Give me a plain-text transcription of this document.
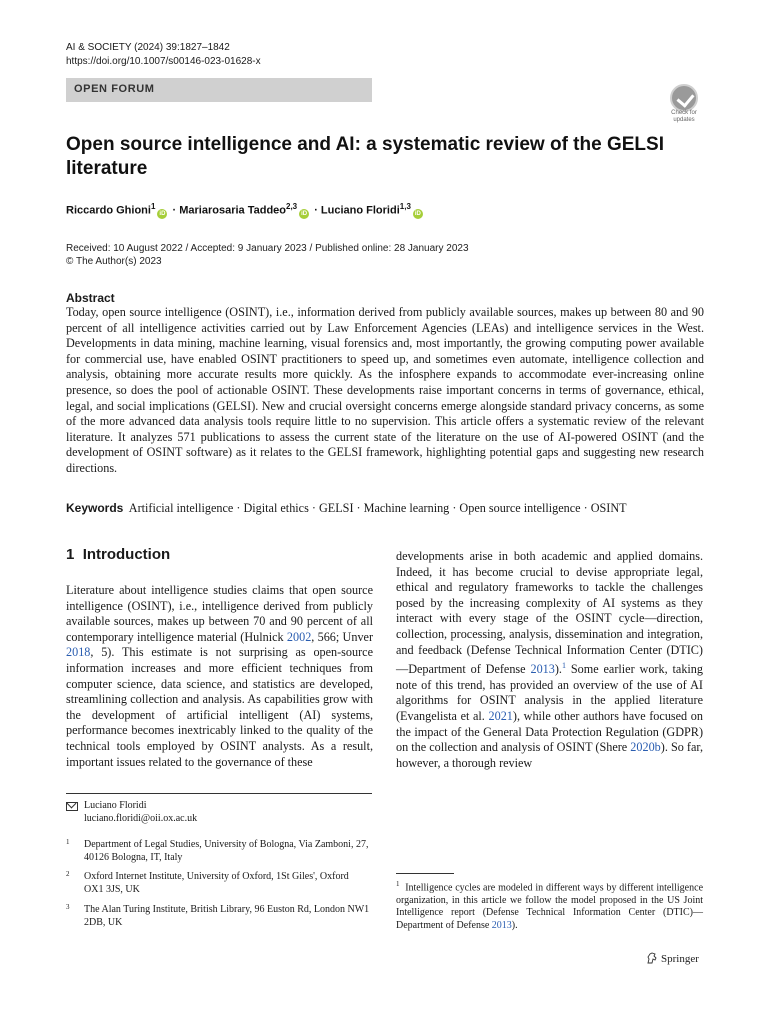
AI & SOCIETY (2024) 39:1827–1842
https://doi.org/10.1007/s00146-023-01628-x
OPEN FORUM
Check for
updates
Open source intelligence and AI: a systematic review of the GELSI literature
Riccardo Ghioni$^1$iD · Mariarosaria Taddeo$^{2,3}$iD · Luciano Floridi$^{1,3}$iD
Received: 10 August 2022 / Accepted: 9 January 2023 / Published online: 28 January 2023
© The Author(s) 2023
Abstract
Today, open source intelligence (OSINT), i.e., information derived from publicly available sources, makes up between 80 and 90 percent of all intelligence activities carried out by Law Enforcement Agencies (LEAs) and intelligence services in the West. Developments in data mining, machine learning, visual forensics and, most importantly, the growing computing power available for commercial use, have enabled OSINT practitioners to speed up, and sometimes even automate, intelligence collection and analysis, obtaining more accurate results more quickly. As the infosphere expands to accommodate ever-increasing online presence, so does the pool of actionable OSINT. These developments raise important concerns in terms of governance, ethical, legal, and social implications (GELSI). New and crucial oversight concerns emerge alongside standard privacy concerns, as some of the more advanced data analysis tools require little to no supervision. This article offers a systematic review of the relevant literature. It analyzes 571 publications to assess the current state of the literature on the use of AI-powered OSINT (and the development of OSINT software) as it relates to the GELSI framework, highlighting potential gaps and suggesting new research directions.
Keywords Artificial intelligence · Digital ethics · GELSI · Machine learning · Open source intelligence · OSINT
1 Introduction
Literature about intelligence studies claims that open source intelligence (OSINT), i.e., intelligence derived from publicly available sources, makes up between 70 and 90 percent of all contemporary intelligence material (Hulnick 2002, 566; Unver 2018, 5). This estimate is not surprising as open-source information increases and more efficient techniques from computer science, data science, and statistics are developed, streamlining collection and analysis. As capabilities grow with the development of artificial intelligent (AI) systems, performance becomes inextricably linked to the quality of the technical tools employed by OSINT analysts. As a result, important issues related to the governance of these
developments arise in both academic and applied domains. Indeed, it has become crucial to devise appropriate legal, ethical and regulatory frameworks to tackle the challenges posed by the increasing complexity of AI systems as they interact with every stage of the OSINT cycle—direction, collection, processing, analysis, dissemination and integration, and feedback (Defense Technical Information Center (DTIC)—Department of Defense 2013).$^1$ Some earlier work, taking note of this trend, has provided an overview of the use of AI algorithms for OSINT analysis in the applied literature (Evangelista et al. 2021), while other authors have focused on the impact of the General Data Protection Regulation (GDPR) on the collection and analysis of OSINT (Shere 2020b). So far, however, a thorough review
Luciano Floridi
luciano.floridi@oii.ox.ac.uk
1 Department of Legal Studies, University of Bologna, Via Zamboni, 27, 40126 Bologna, IT, Italy
2 Oxford Internet Institute, University of Oxford, 1St Giles', Oxford OX1 3JS, UK
3 The Alan Turing Institute, British Library, 96 Euston Rd, London NW1 2DB, UK
$^1$ Intelligence cycles are modeled in different ways by different intelligence organization, in this article we follow the model proposed in the US Joint Intelligence report (Defense Technical Information Center (DTIC)—Department of Defense 2013).
Springer
